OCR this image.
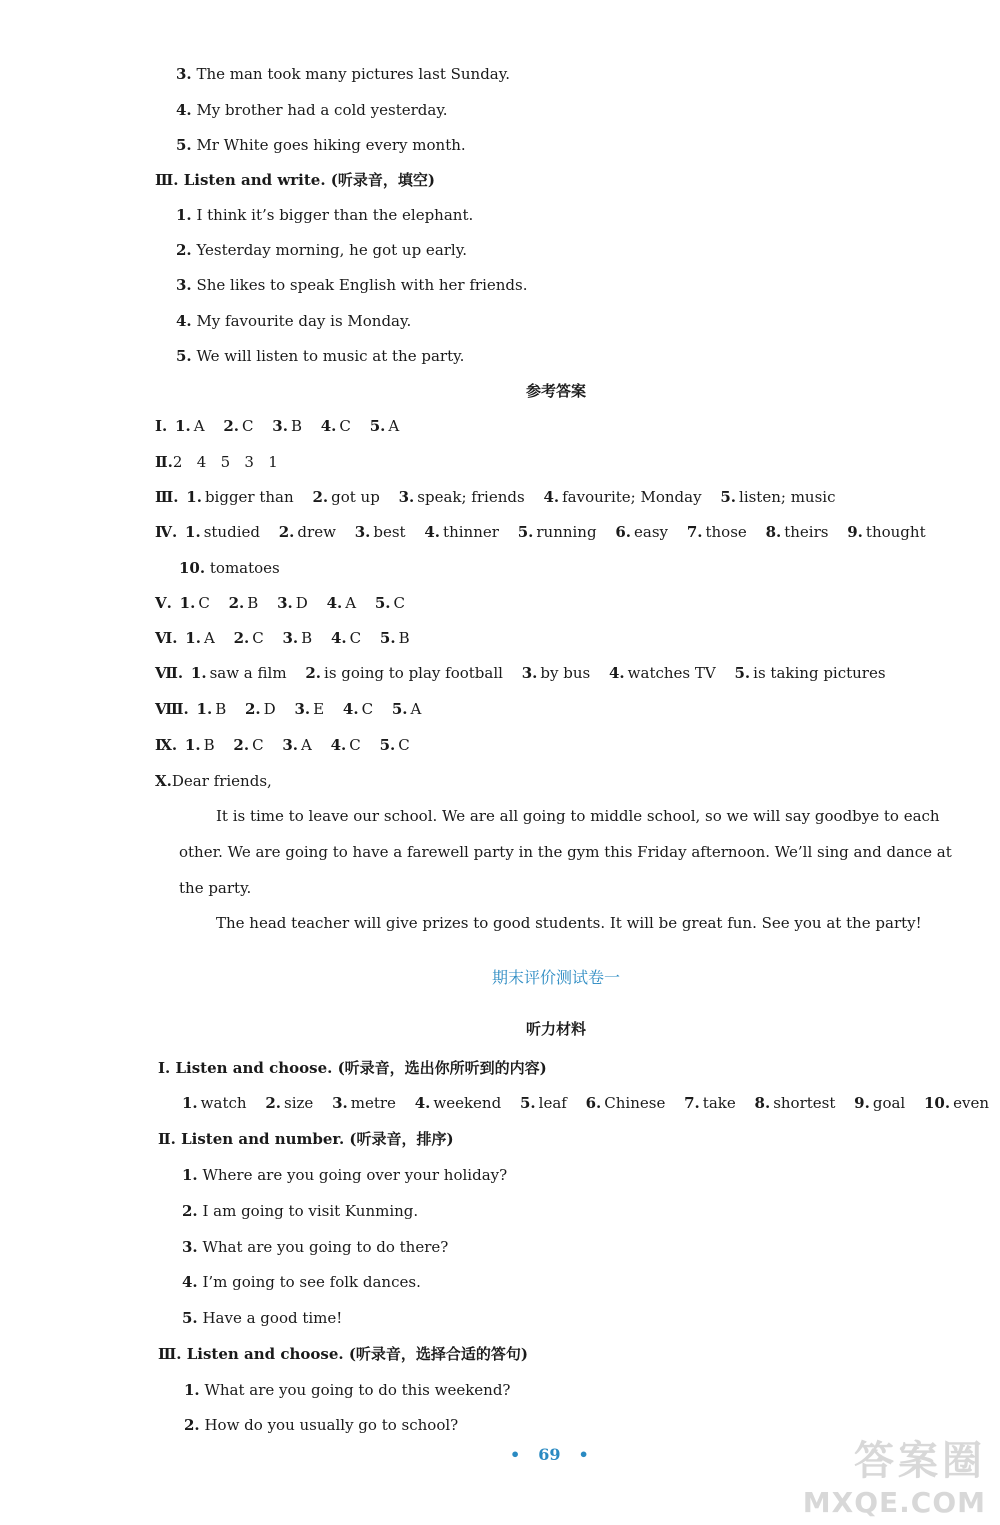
3. The man took many pictures last Sunday.
4. My brother had a cold yesterday.
5. Mr White goes hiking every month.
Ⅲ. Listen and write. (听录音，填空)
1. I think it’s bigger than the elephant.
2. Yesterday morning, he got up early.
3. She likes to speak English with her friends.
4. My favourite day is Monday.
5. We will listen to music at the party.
参考答案
Ⅰ. 1. A 2. C 3. B 4. C 5. A
Ⅱ.2   4   5   3   1
Ⅲ. 1. bigger than 2. got up 3. speak; friends 4. favourite; Monday 5. listen; music
Ⅳ. 1. studied 2. drew 3. best 4. thinner 5. running 6. easy 7. those 8. theirs 9. thought
10. tomatoes
Ⅴ. 1. C 2. B 3. D 4. A 5. C
Ⅵ. 1. A 2. C 3. B 4. C 5. B
Ⅶ. 1. saw a film 2. is going to play football 3. by bus 4. watches TV 5. is taking pictures
Ⅷ. 1. B 2. D 3. E 4. C 5. A
Ⅸ. 1. B 2. C 3. A 4. C 5. C
Ⅹ.Dear friends,
It is time to leave our school. We are all going to middle school, so we will say goodbye to each
other. We are going to have a farewell party in the gym this Friday afternoon. We’ll sing and dance at
the party.
The head teacher will give prizes to good students. It will be great fun. See you at the party!
期末评价测试卷一
听力材料
Ⅰ. Listen and choose. (听录音，选出你所听到的内容)
1. watch 2. size 3. metre 4. weekend 5. leaf 6. Chinese 7. take 8. shortest 9. goal 10. even
Ⅱ. Listen and number. (听录音，排序)
1. Where are you going over your holiday?
2. I am going to visit Kunming.
3. What are you going to do there?
4. I’m going to see folk dances.
5. Have a good time!
Ⅲ. Listen and choose. (听录音，选择合适的答句)
1. What are you going to do this weekend?
2. How do you usually go to school?
• 69 •	答案圈
MXQE.COM
